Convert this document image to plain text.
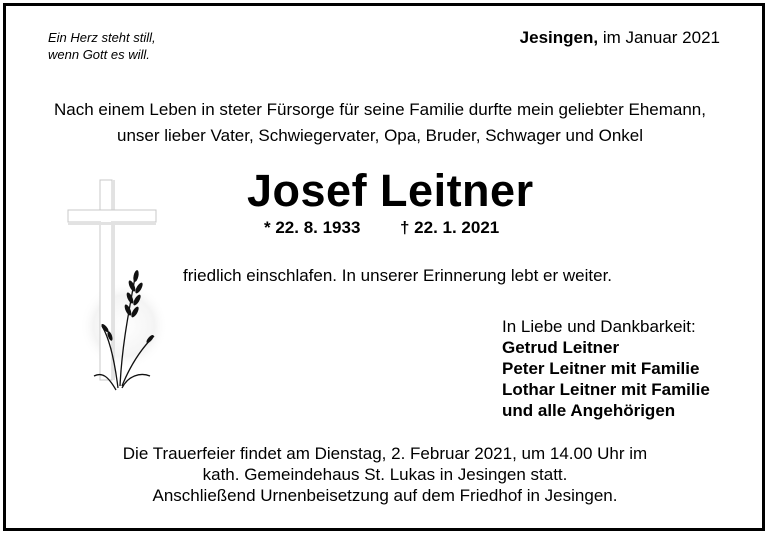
Ein Herz steht still,
wenn Gott es will.
Jesingen, im Januar 2021
Nach einem Leben in steter Fürsorge für seine Familie durfte mein geliebter Ehemann,
unser lieber Vater, Schwiegervater, Opa, Bruder, Schwager und Onkel
Josef Leitner
* 22. 8. 1933 † 22. 1. 2021
friedlich einschlafen. In unserer Erinnerung lebt er weiter.
In Liebe und Dankbarkeit:
Getrud Leitner
Peter Leitner mit Familie
Lothar Leitner mit Familie
und alle Angehörigen
Die Trauerfeier findet am Dienstag, 2. Februar 2021, um 14.00 Uhr im
kath. Gemeindehaus St. Lukas in Jesingen statt.
Anschließend Urnenbeisetzung auf dem Friedhof in Jesingen.
